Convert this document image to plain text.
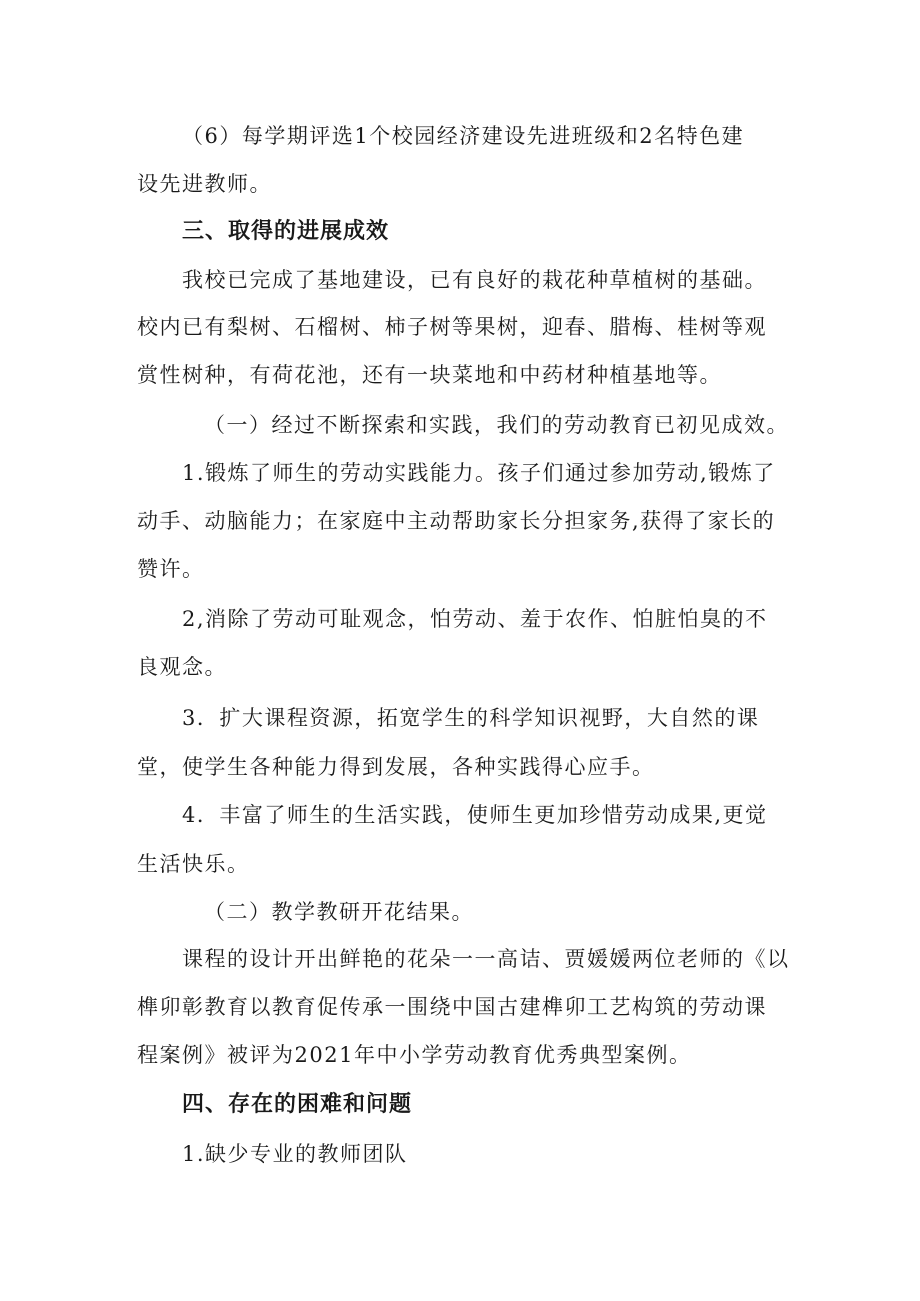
（6）每学期评选1个校园经济建设先进班级和2名特色建
设先进教师。
三、取得的进展成效
我校已完成了基地建设，已有良好的栽花种草植树的基础。
校内已有梨树、石榴树、柿子树等果树，迎春、腊梅、桂树等观
赏性树种，有荷花池，还有一块菜地和中药材种植基地等。
（一）经过不断探索和实践，我们的劳动教育已初见成效。
1.锻炼了师生的劳动实践能力。孩子们通过参加劳动,锻炼了
动手、动脑能力；在家庭中主动帮助家长分担家务,获得了家长的
赞许。
2,消除了劳动可耻观念，怕劳动、羞于农作、怕脏怕臭的不
良观念。
3．扩大课程资源，拓宽学生的科学知识视野，大自然的课
堂，使学生各种能力得到发展，各种实践得心应手。
4．丰富了师生的生活实践，使师生更加珍惜劳动成果,更觉
生活快乐。
（二）教学教研开花结果。
课程的设计开出鲜艳的花朵一一高诘、贾媛媛两位老师的《以
榫卯彰教育以教育促传承一围绕中国古建榫卯工艺构筑的劳动课
程案例》被评为2021年中小学劳动教育优秀典型案例。
四、存在的困难和问题
1.缺少专业的教师团队
